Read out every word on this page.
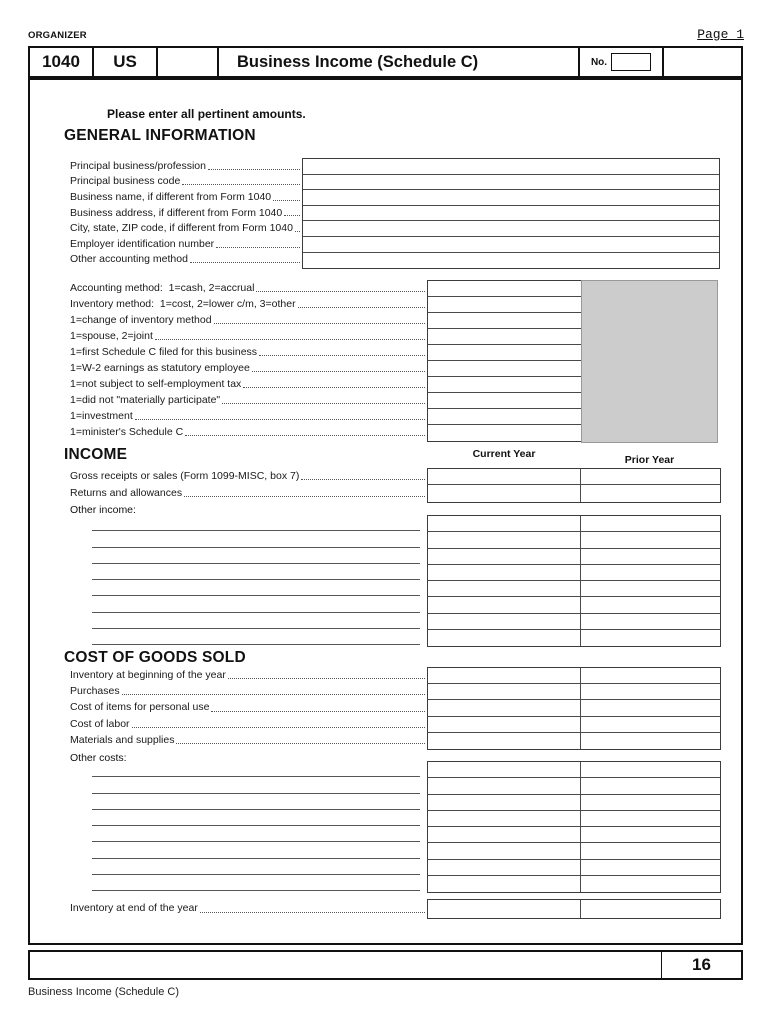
ORGANIZER	Page 1
1040	US	Business Income (Schedule C)	No.
Please enter all pertinent amounts.
GENERAL INFORMATION
Principal business/profession
Principal business code
Business name, if different from Form 1040
Business address, if different from Form 1040
City, state, ZIP code, if different from Form 1040
Employer identification number
Other accounting method
Accounting method:  1=cash, 2=accrual
Inventory method:  1=cost, 2=lower c/m, 3=other
1=change of inventory method
1=spouse, 2=joint
1=first Schedule C filed for this business
1=W-2 earnings as statutory employee
1=not subject to self-employment tax
1=did not "materially participate"
1=investment
1=minister's Schedule C
INCOME	Current Year	Prior Year
Gross receipts or sales (Form 1099-MISC, box 7)
Returns and allowances
Other income:
COST OF GOODS SOLD
Inventory at beginning of the year
Purchases
Cost of items for personal use
Cost of labor
Materials and supplies
Other costs:
Inventory at end of the year
16
Business Income (Schedule C)
